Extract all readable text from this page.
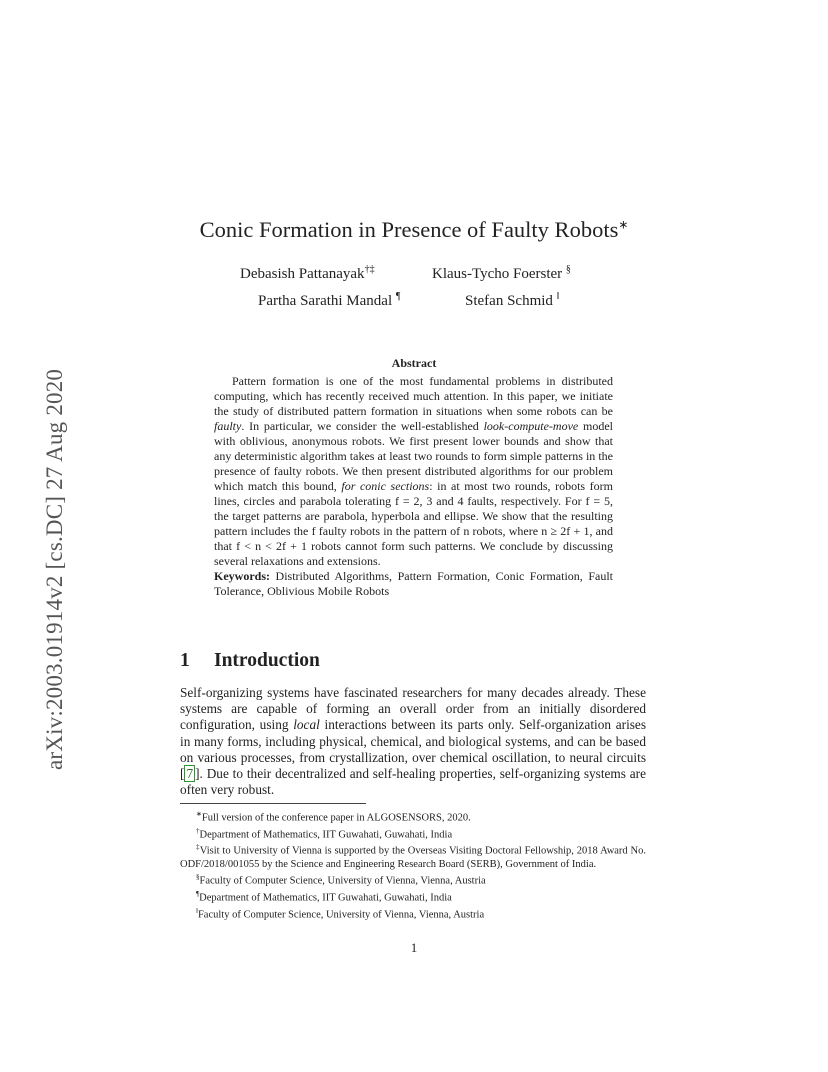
arXiv:2003.01914v2 [cs.DC] 27 Aug 2020
Conic Formation in Presence of Faulty Robots∗
Debasish Pattanayak†‡	Klaus-Tycho Foerster §
Partha Sarathi Mandal ¶	Stefan Schmid ‖
Abstract

Pattern formation is one of the most fundamental problems in distributed computing, which has recently received much attention. In this paper, we initiate the study of distributed pattern formation in situations when some robots can be faulty. In particular, we consider the well-established look-compute-move model with oblivious, anonymous robots. We first present lower bounds and show that any deterministic algorithm takes at least two rounds to form simple patterns in the presence of faulty robots. We then present distributed algorithms for our problem which match this bound, for conic sections: in at most two rounds, robots form lines, circles and parabola tolerating f = 2, 3 and 4 faults, respectively. For f = 5, the target patterns are parabola, hyperbola and ellipse. We show that the resulting pattern includes the f faulty robots in the pattern of n robots, where n ≥ 2f + 1, and that f < n < 2f + 1 robots cannot form such patterns. We conclude by discussing several relaxations and extensions.

Keywords: Distributed Algorithms, Pattern Formation, Conic Formation, Fault Tolerance, Oblivious Mobile Robots

1 Introduction

Self-organizing systems have fascinated researchers for many decades already. These systems are capable of forming an overall order from an initially disordered configuration, using local interactions between its parts only. Self-organization arises in many forms, including physical, chemical, and biological systems, and can be based on various processes, from crystallization, over chemical oscillation, to neural circuits [ 7 ]. Due to their decentralized and self-healing properties, self-organizing systems are often very robust.

∗Full version of the conference paper in ALGOSENSORS, 2020.

†Department of Mathematics, IIT Guwahati, Guwahati, India

‡Visit to University of Vienna is supported by the Overseas Visiting Doctoral Fellowship, 2018 Award No. ODF/2018/001055 by the Science and Engineering Research Board (SERB), Government of India.

§Faculty of Computer Science, University of Vienna, Vienna, Austria

¶Department of Mathematics, IIT Guwahati, Guwahati, India

‖Faculty of Computer Science, University of Vienna, Vienna, Austria

1
